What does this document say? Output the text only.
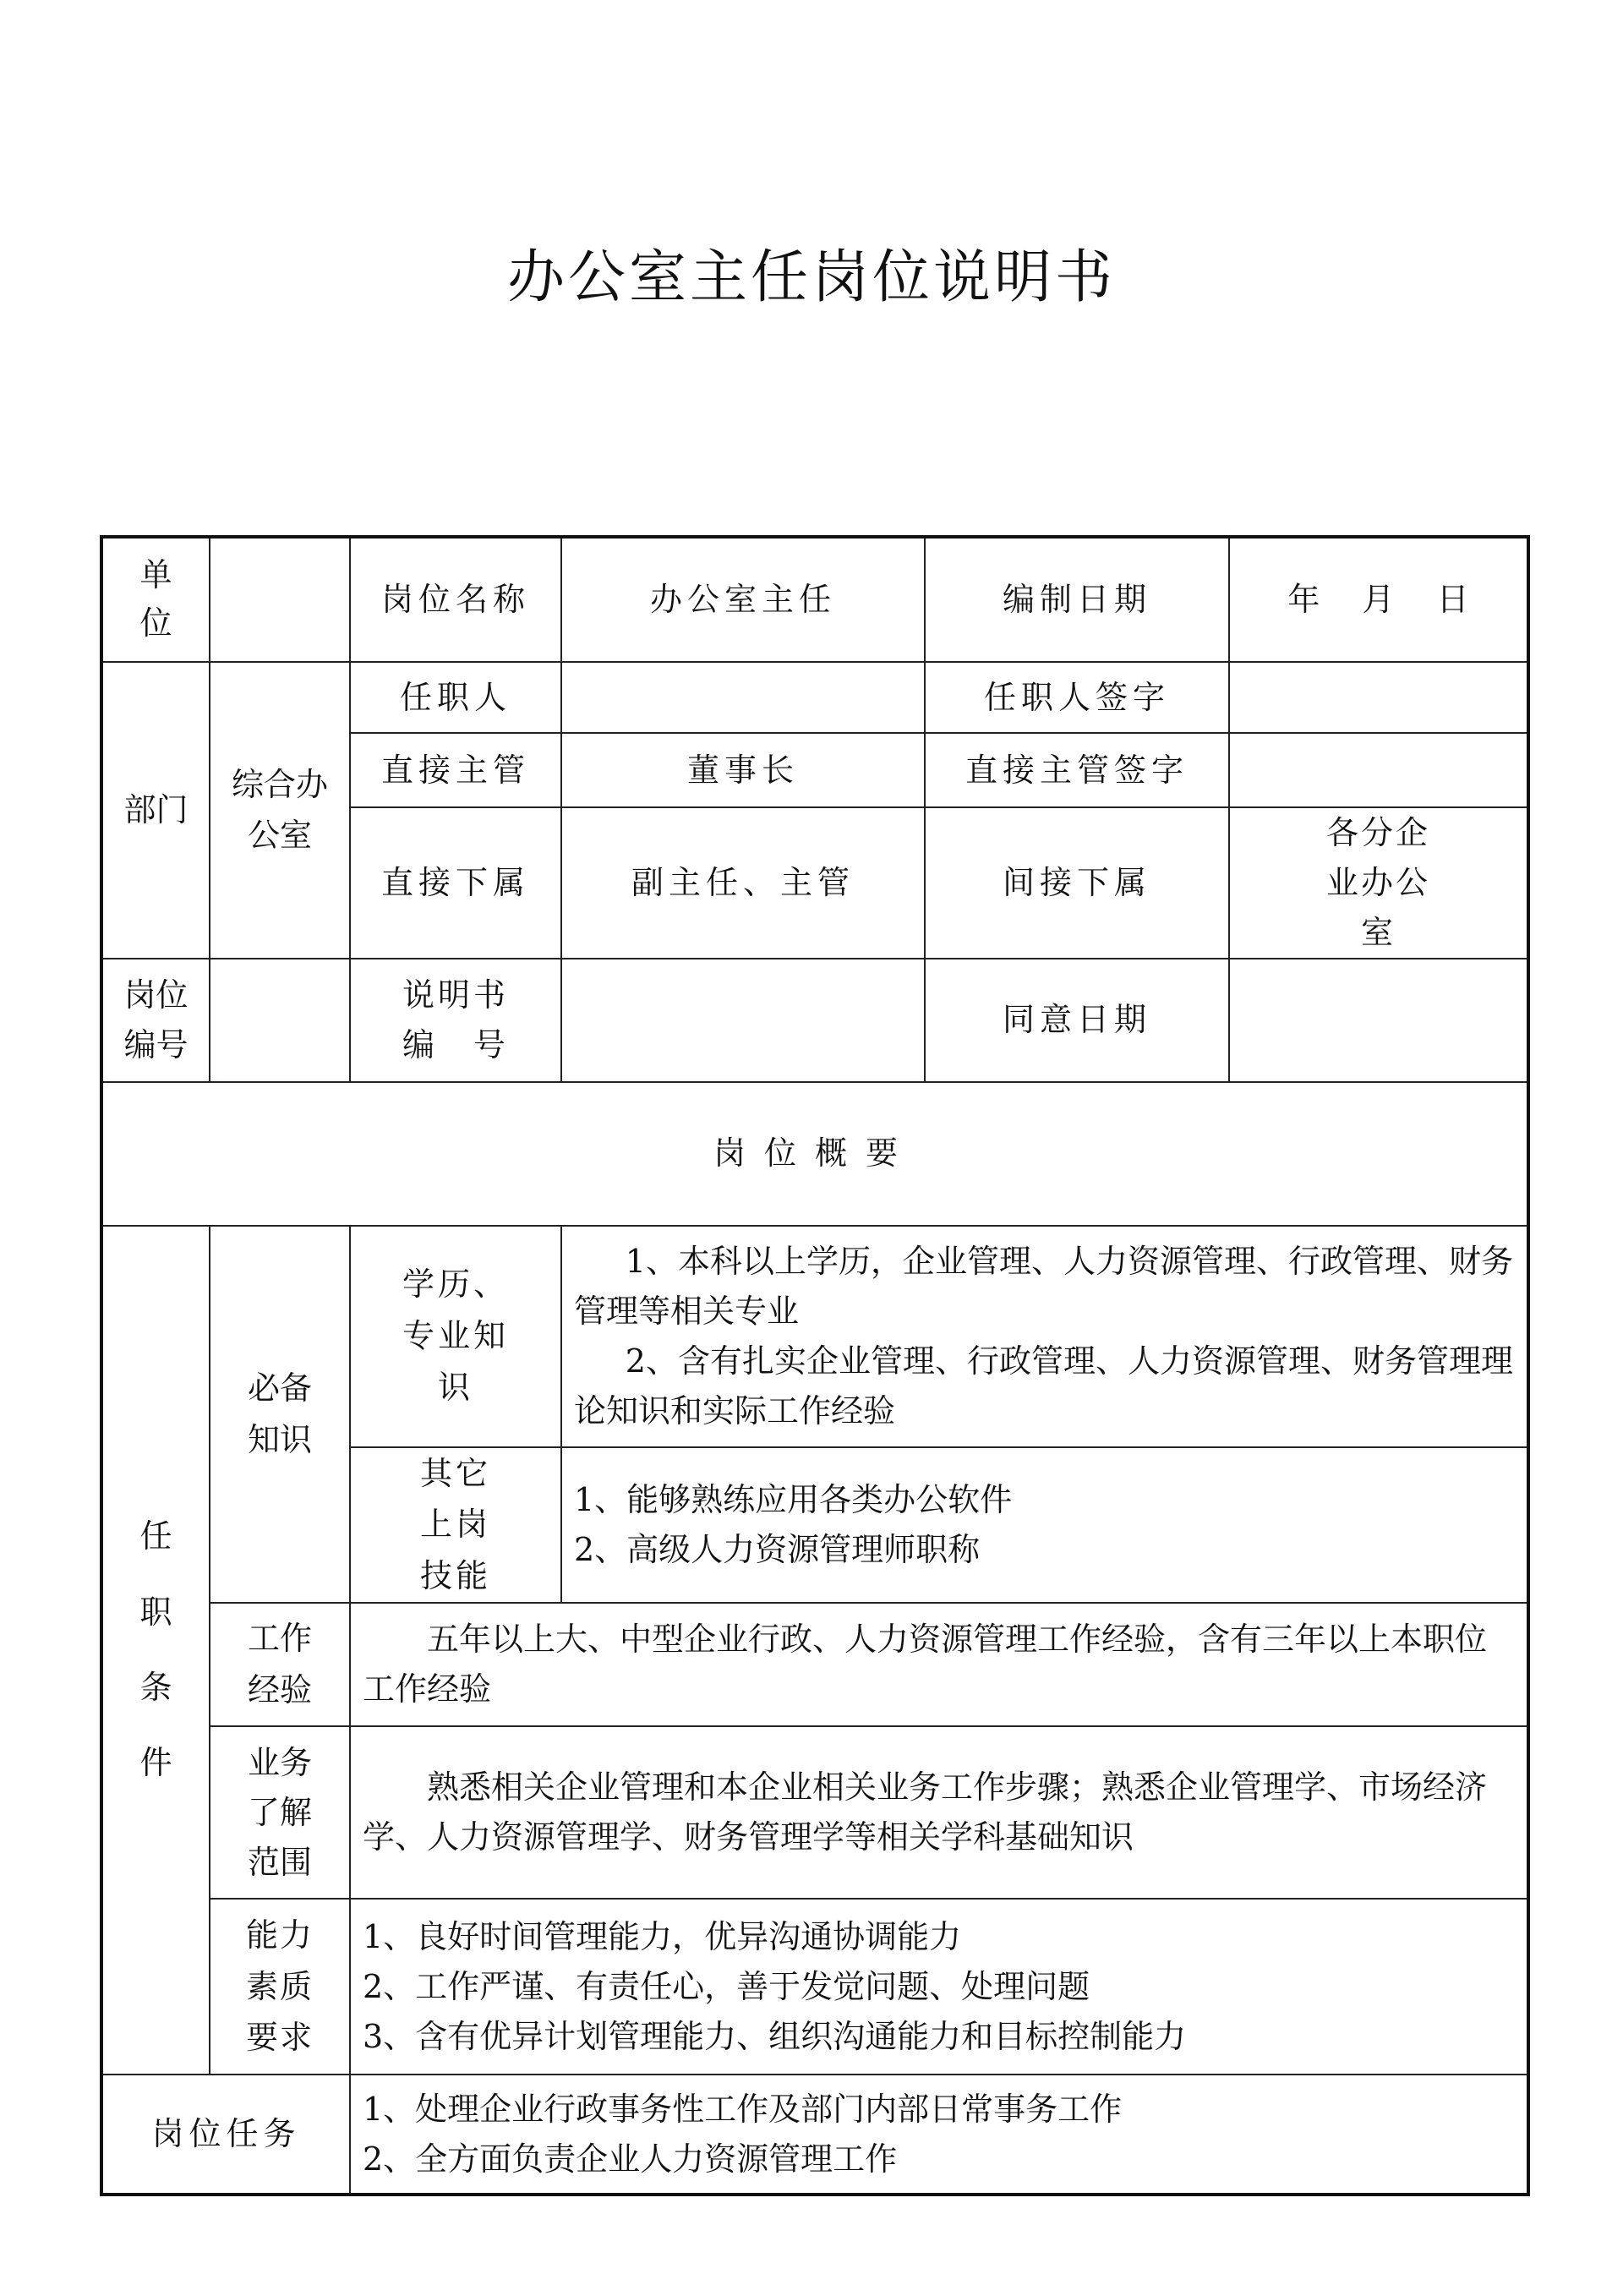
办公室主任岗位说明书
单位		岗位名称	办公室主任	编制日期	年　 月　 日
部门	综合办公室	任职人		任职人签字	
		直接主管	董事长	直接主管签字	
		直接下属	副主任、主管	间接下属	各分企业办公室
岗位编号		说明书编　号		同意日期	
岗位概要					
任职条件	必备知识	学历、专业知识	1、本科以上学历，企业管理、人力资源管理、行政管理、财务管理等相关专业
2、含有扎实企业管理、行政管理、人力资源管理、财务管理理论知识和实际工作经验		

		其它上岗技能	1、能够熟练应用各类办公软件
2、高级人力资源管理师职称		

	工作经验	五年以上大、中型企业行政、人力资源管理工作经验，含有三年以上本职位工作经验			
	业务了解范围	熟悉相关企业管理和本企业相关业务工作步骤；熟悉企业管理学、市场经济学、人力资源管理学、财务管理学等相关学科基础知识			
	能力素质要求	1、良好时间管理能力，优异沟通协调能力
2、工作严谨、有责任心，善于发觉问题、处理问题
3、含有优异计划管理能力、组织沟通能力和目标控制能力			

岗位任务		1、处理企业行政事务性工作及部门内部日常事务工作
2、全方面负责企业人力资源管理工作			
